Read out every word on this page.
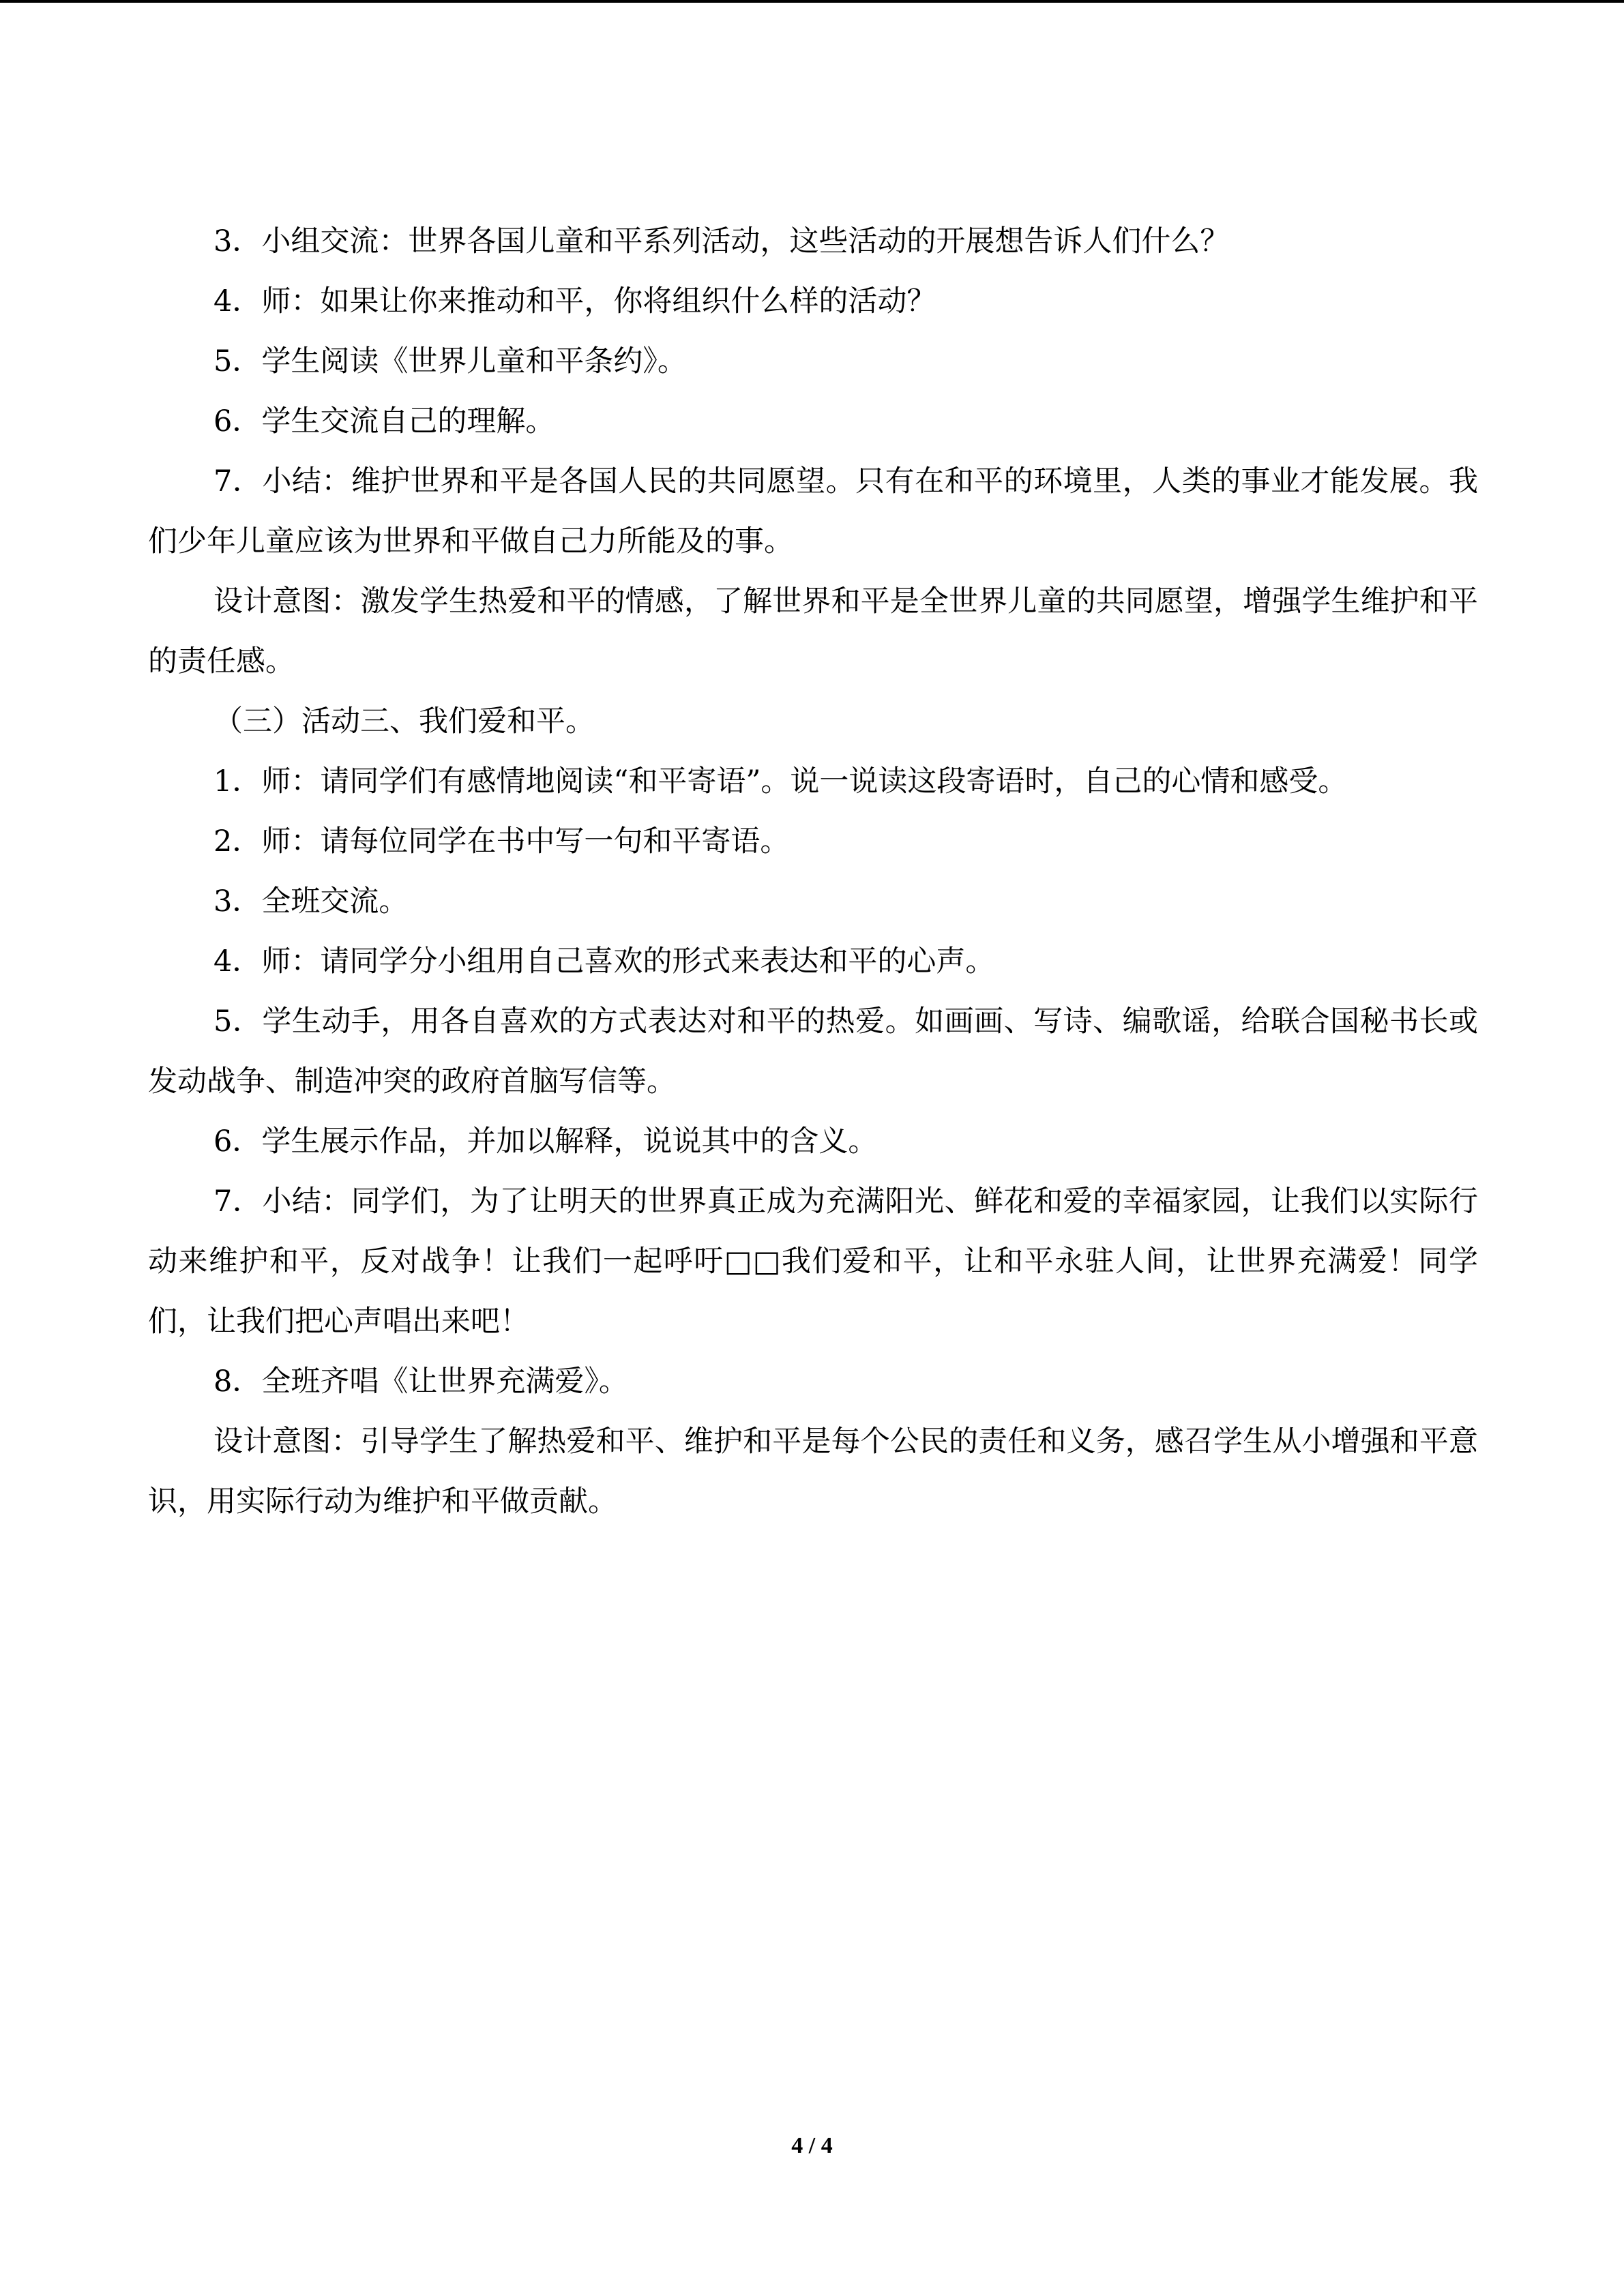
3．小组交流：世界各国儿童和平系列活动，这些活动的开展想告诉人们什么？

4．师：如果让你来推动和平，你将组织什么样的活动？

5．学生阅读《世界儿童和平条约》。

6．学生交流自己的理解。

7．小结：维护世界和平是各国人民的共同愿望。只有在和平的环境里，人类的事业才能发展。我们少年儿童应该为世界和平做自己力所能及的事。

设计意图：激发学生热爱和平的情感，了解世界和平是全世界儿童的共同愿望，增强学生维护和平的责任感。

（三）活动三、我们爱和平。

1．师：请同学们有感情地阅读“和平寄语”。说一说读这段寄语时，自己的心情和感受。

2．师：请每位同学在书中写一句和平寄语。

3．全班交流。

4．师：请同学分小组用自己喜欢的形式来表达和平的心声。

5．学生动手，用各自喜欢的方式表达对和平的热爱。如画画、写诗、编歌谣，给联合国秘书长或发动战争、制造冲突的政府首脑写信等。

6．学生展示作品，并加以解释，说说其中的含义。

7．小结：同学们，为了让明天的世界真正成为充满阳光、鲜花和爱的幸福家园，让我们以实际行动来维护和平，反对战争！让我们一起呼吁□□我们爱和平，让和平永驻人间，让世界充满爱！同学们，让我们把心声唱出来吧！

8．全班齐唱《让世界充满爱》。

设计意图：引导学生了解热爱和平、维护和平是每个公民的责任和义务，感召学生从小增强和平意识，用实际行动为维护和平做贡献。

4 / 4
